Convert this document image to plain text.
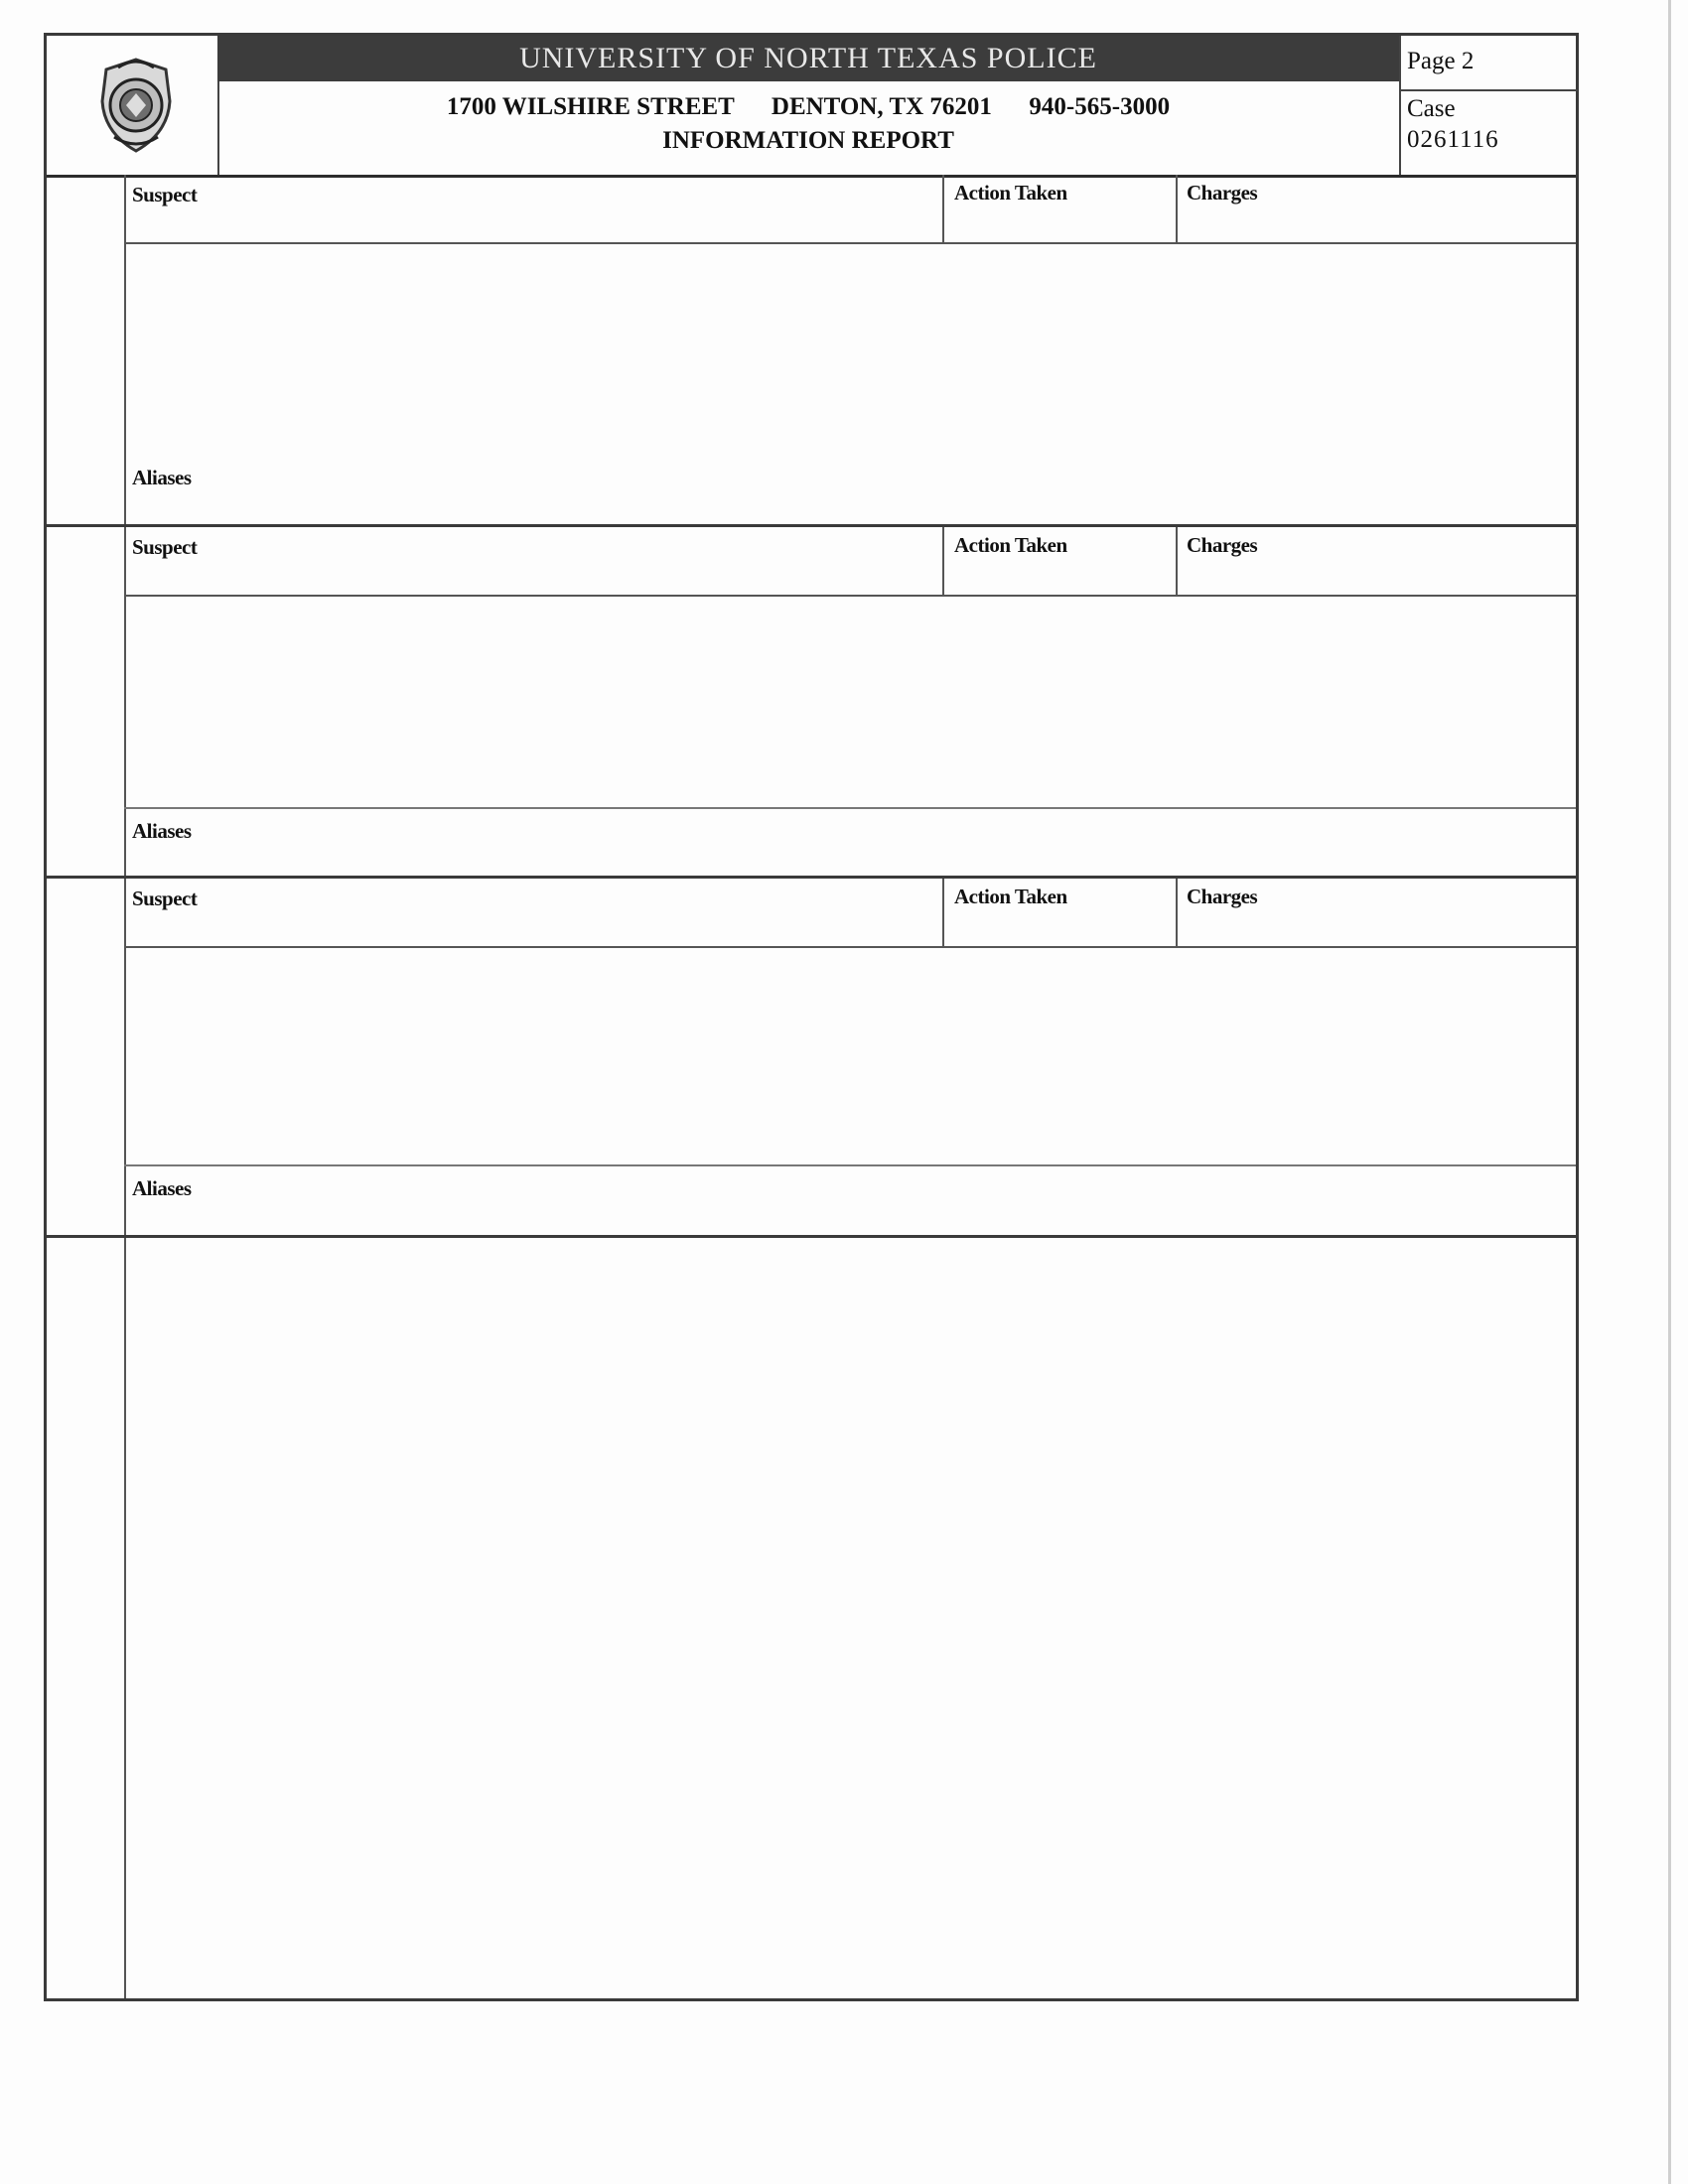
UNIVERSITY OF NORTH TEXAS POLICE
1700 WILSHIRE STREET      DENTON, TX 76201      940-565-3000
INFORMATION REPORT
Page 2
Case
0261116
Suspect	Action Taken	Charges
Aliases
Suspect	Action Taken	Charges
Aliases
Suspect	Action Taken	Charges
Aliases
